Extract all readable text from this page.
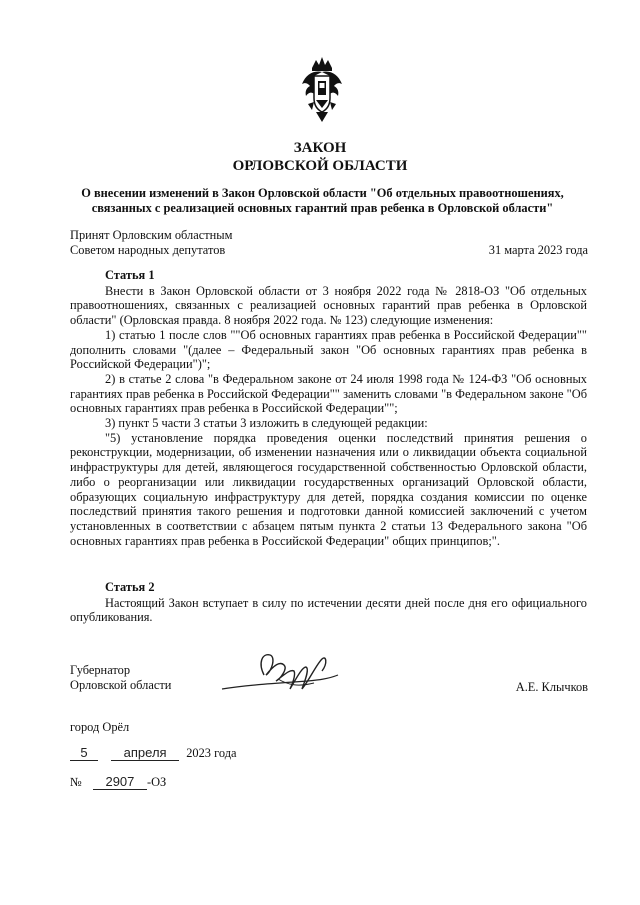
ЗАКОН
ОРЛОВСКОЙ ОБЛАСТИ
О внесении изменений в Закон Орловской области "Об отдельных правоотношениях,
связанных с реализацией основных гарантий прав ребенка в Орловской области"
Принят Орловским областным
Советом народных депутатов	31 марта 2023 года
Статья 1

Внести в Закон Орловской области от 3 ноября 2022 года № 2818-ОЗ "Об отдельных правоотношениях, связанных с реализацией основных гарантий прав ребенка в Орловской области" (Орловская правда. 8 ноября 2022 года. № 123) следующие изменения:

1) статью 1 после слов ""Об основных гарантиях прав ребенка в Российской Федерации"" дополнить словами "(далее – Федеральный закон "Об основных гарантиях прав ребенка в Российской Федерации")";

2) в статье 2 слова "в Федеральном законе от 24 июля 1998 года № 124-ФЗ "Об основных гарантиях прав ребенка в Российской Федерации"" заменить словами "в Федеральном законе "Об основных гарантиях прав ребенка в Российской Федерации"";

3) пункт 5 части 3 статьи 3 изложить в следующей редакции:

"5) установление порядка проведения оценки последствий принятия решения о реконструкции, модернизации, об изменении назначения или о ликвидации объекта социальной инфраструктуры для детей, являющегося государственной собственностью Орловской области, либо о реорганизации или ликвидации государственных организаций Орловской области, образующих социальную инфраструктуру для детей, порядка создания комиссии по оценке последствий принятия такого решения и подготовки данной комиссией заключений с учетом установленных в соответствии с абзацем пятым пункта 2 статьи 13 Федерального закона "Об основных гарантиях прав ребенка в Российской Федерации" общих принципов;".

Статья 2

Настоящий Закон вступает в силу по истечении десяти дней после дня его официального опубликования.

Губернатор
Орловской области	А.Е. Клычков
город Орёл
5	апреля 2023 года
№ 2907 -ОЗ
